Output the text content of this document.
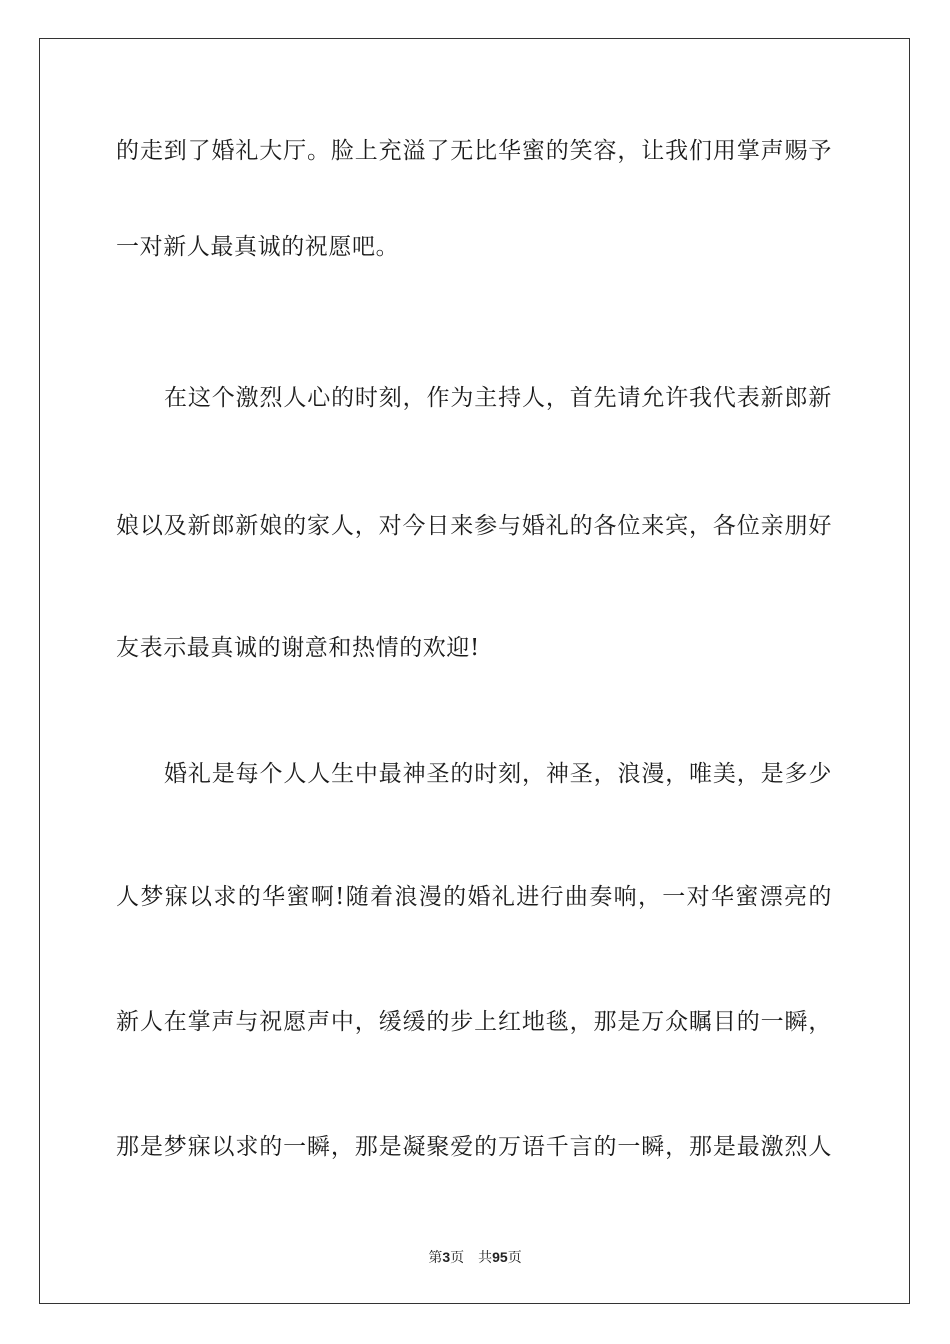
的走到了婚礼大厅。脸上充溢了无比华蜜的笑容，让我们用掌声赐予
一对新人最真诚的祝愿吧。
在这个激烈人心的时刻，作为主持人，首先请允许我代表新郎新
娘以及新郎新娘的家人，对今日来参与婚礼的各位来宾，各位亲朋好
友表示最真诚的谢意和热情的欢迎!
婚礼是每个人人生中最神圣的时刻，神圣，浪漫，唯美，是多少
人梦寐以求的华蜜啊!随着浪漫的婚礼进行曲奏响，一对华蜜漂亮的
新人在掌声与祝愿声中，缓缓的步上红地毯，那是万众瞩目的一瞬，
那是梦寐以求的一瞬，那是凝聚爱的万语千言的一瞬，那是最激烈人
第3页 共95页
